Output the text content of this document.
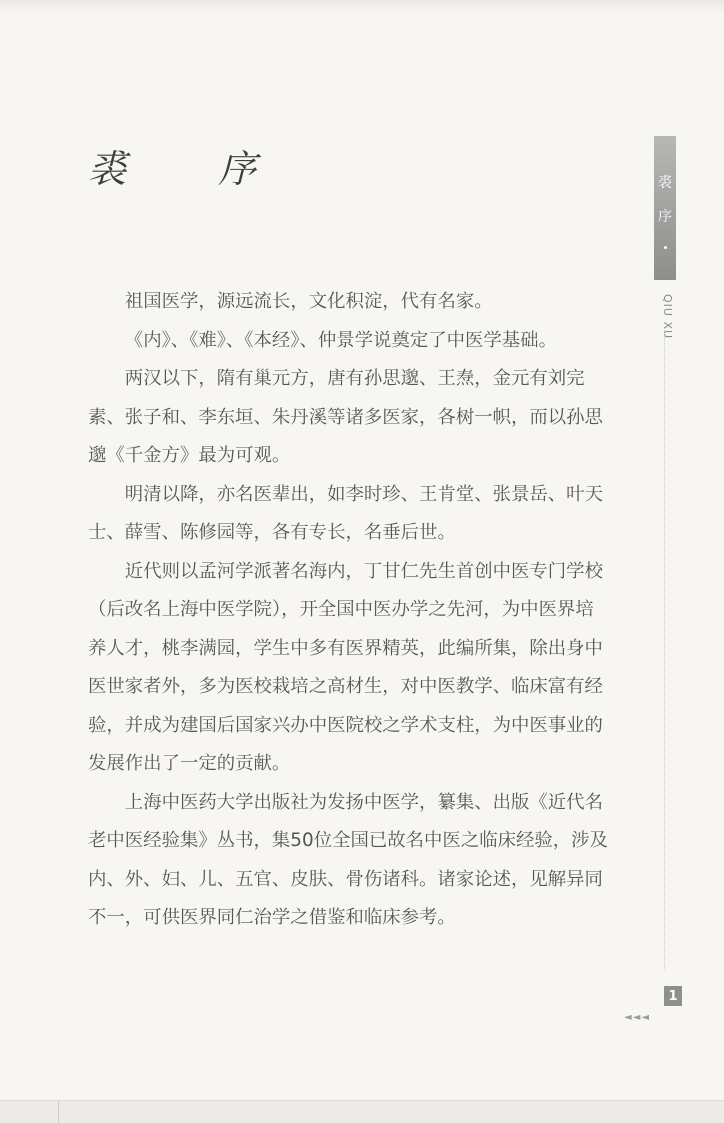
裘 序

祖国医学，源远流长，文化积淀，代有名家。

《内》、《难》、《本经》、仲景学说奠定了中医学基础。

两汉以下，隋有巢元方，唐有孙思邈、王焘，金元有刘完素、张子和、李东垣、朱丹溪等诸多医家，各树一帜，而以孙思邈《千金方》最为可观。

明清以降，亦名医辈出，如李时珍、王肯堂、张景岳、叶天士、薛雪、陈修园等，各有专长，名垂后世。

近代则以孟河学派著名海内，丁甘仁先生首创中医专门学校（后改名上海中医学院），开全国中医办学之先河，为中医界培养人才，桃李满园，学生中多有医界精英，此编所集，除出身中医世家者外，多为医校栽培之高材生，对中医教学、临床富有经验，并成为建国后国家兴办中医院校之学术支柱，为中医事业的发展作出了一定的贡献。

上海中医药大学出版社为发扬中医学，纂集、出版《近代名老中医经验集》丛书，集50位全国已故名中医之临床经验，涉及内、外、妇、儿、五官、皮肤、骨伤诸科。诸家论述，见解异同不一，可供医界同仁治学之借鉴和临床参考。

裘
序
QIU XU
1
◄◄◄
